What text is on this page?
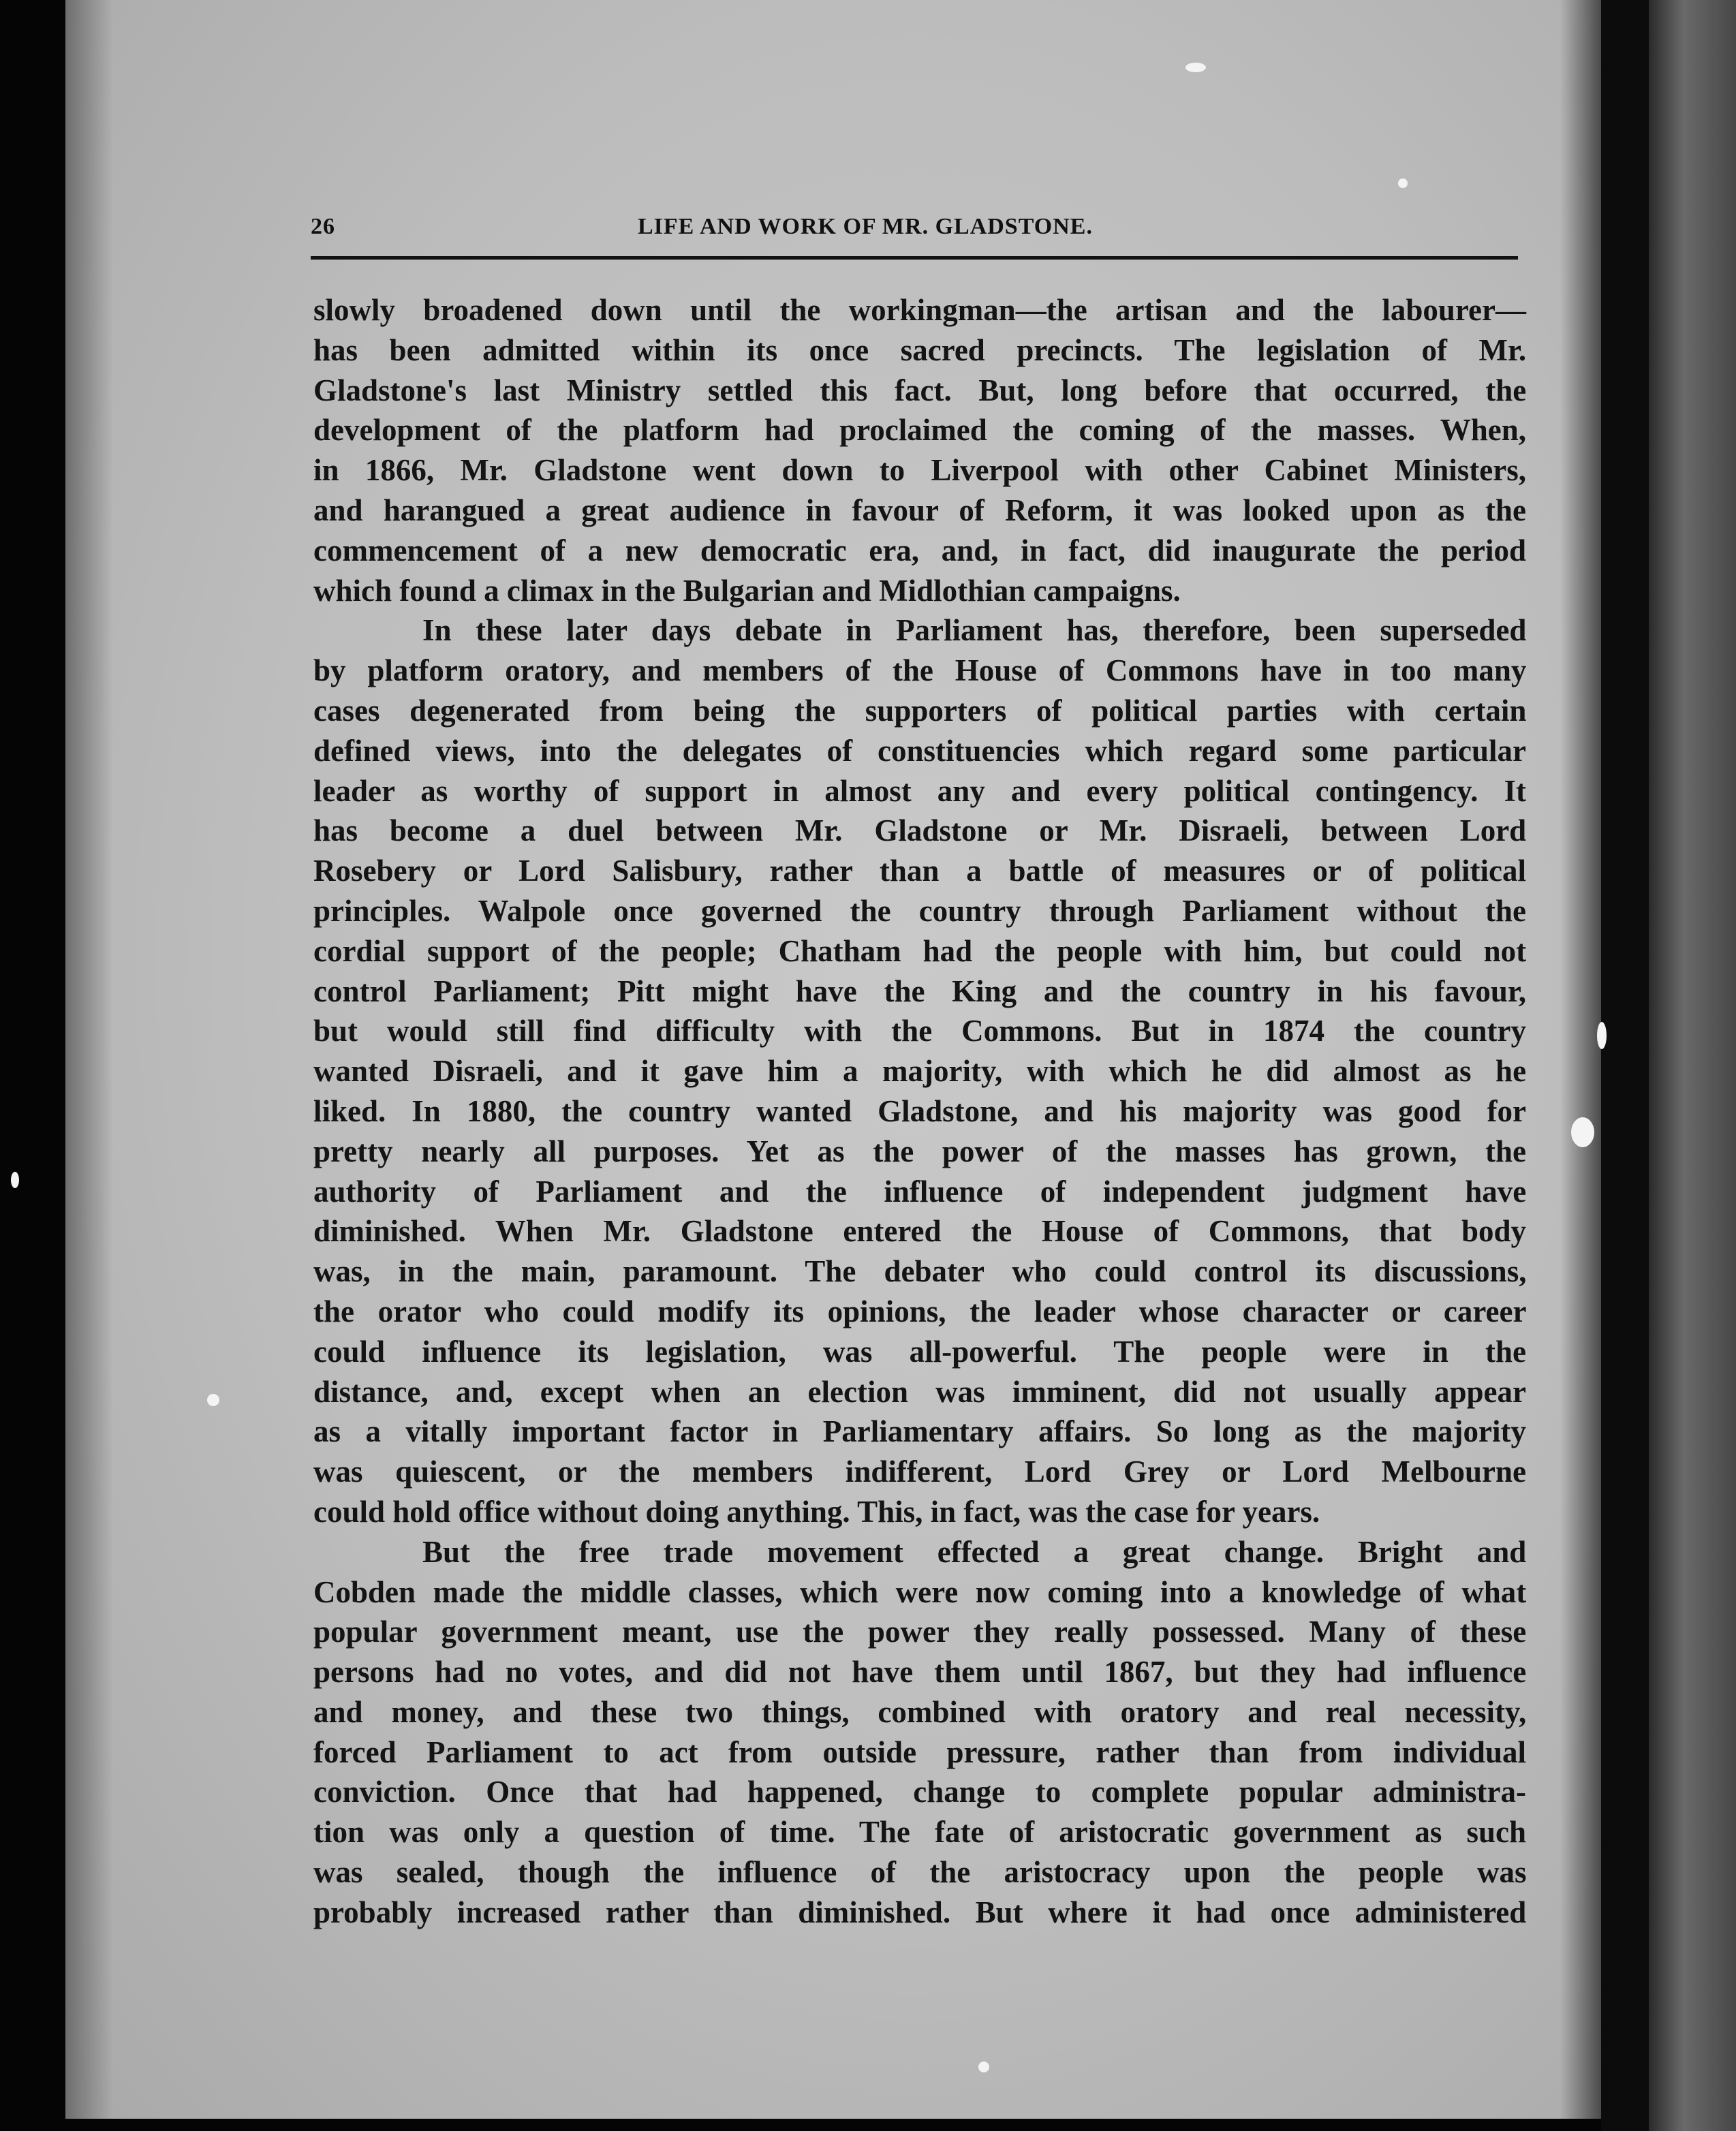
26	LIFE AND WORK OF MR. GLADSTONE.
slowly broadened down until the workingman—the artisan and the labourer—
has been admitted within its once sacred precincts. The legislation of Mr.
Gladstone's last Ministry settled this fact. But, long before that occurred, the
development of the platform had proclaimed the coming of the masses. When,
in 1866, Mr. Gladstone went down to Liverpool with other Cabinet Ministers,
and harangued a great audience in favour of Reform, it was looked upon as the
commencement of a new democratic era, and, in fact, did inaugurate the period
which found a climax in the Bulgarian and Midlothian campaigns.
In these later days debate in Parliament has, therefore, been superseded
by platform oratory, and members of the House of Commons have in too many
cases degenerated from being the supporters of political parties with certain
defined views, into the delegates of constituencies which regard some particular
leader as worthy of support in almost any and every political contingency. It
has become a duel between Mr. Gladstone or Mr. Disraeli, between Lord
Rosebery or Lord Salisbury, rather than a battle of measures or of political
principles. Walpole once governed the country through Parliament without the
cordial support of the people; Chatham had the people with him, but could not
control Parliament; Pitt might have the King and the country in his favour,
but would still find difficulty with the Commons. But in 1874 the country
wanted Disraeli, and it gave him a majority, with which he did almost as he
liked. In 1880, the country wanted Gladstone, and his majority was good for
pretty nearly all purposes. Yet as the power of the masses has grown, the
authority of Parliament and the influence of independent judgment have
diminished. When Mr. Gladstone entered the House of Commons, that body
was, in the main, paramount. The debater who could control its discussions,
the orator who could modify its opinions, the leader whose character or career
could influence its legislation, was all-powerful. The people were in the
distance, and, except when an election was imminent, did not usually appear
as a vitally important factor in Parliamentary affairs. So long as the majority
was quiescent, or the members indifferent, Lord Grey or Lord Melbourne
could hold office without doing anything. This, in fact, was the case for years.
But the free trade movement effected a great change. Bright and
Cobden made the middle classes, which were now coming into a knowledge of what
popular government meant, use the power they really possessed. Many of these
persons had no votes, and did not have them until 1867, but they had influence
and money, and these two things, combined with oratory and real necessity,
forced Parliament to act from outside pressure, rather than from individual
conviction. Once that had happened, change to complete popular administra-
tion was only a question of time. The fate of aristocratic government as such
was sealed, though the influence of the aristocracy upon the people was
probably increased rather than diminished. But where it had once administered
